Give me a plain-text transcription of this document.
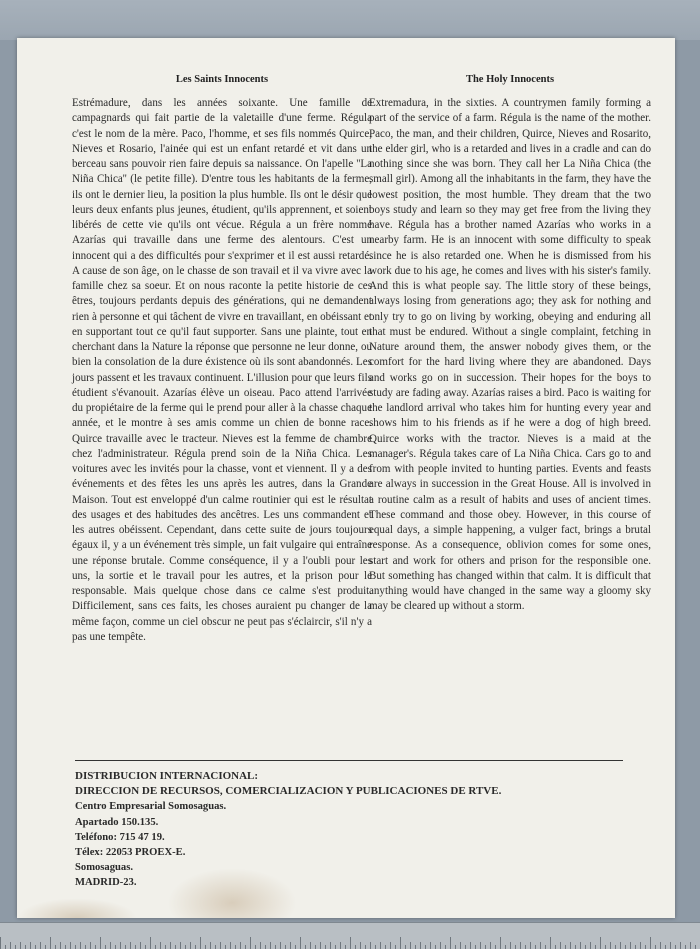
Les Saints Innocents

Estrémadure, dans les années soixante. Une famille de campagnards qui fait partie de la valetaille d'une ferme. Régula c'est le nom de la mère. Paco, l'homme, et ses fils nommés Quirce, Nieves et Rosario, l'ainée qui est un enfant retardé et vit dans un berceau sans pouvoir rien faire depuis sa naissance. On l'apelle ''La Niña Chica'' (le petite fille). D'entre tous les habitants de la ferme, ils ont le dernier lieu, la position la plus humble. Ils ont le désir que leurs deux enfants plus jeunes, étudient, qu'ils apprennent, et soient libérés de cette vie qu'ils ont vécue. Régula a un frère nommé Azarías qui travaille dans une ferme des alentours. C'est un innocent qui a des difficultés pour s'exprimer et il est aussi retardé. A cause de son âge, on le chasse de son travail et il va vivre avec la famille chez sa soeur. Et on nous raconte la petite historie de ces êtres, toujours perdants depuis des générations, qui ne demandent rien à personne et qui tâchent de vivre en travaillant, en obéissant et en supportant tout ce qu'il faut supporter. Sans une plainte, tout en cherchant dans la Nature la réponse que personne ne leur donne, ou bien la consolation de la dure éxistence où ils sont abandonnés. Les jours passent et les travaux continuent. L'illusion pour que leurs fils étudient s'évanouit. Azarías élève un oiseau. Paco attend l'arrivée du propiétaire de la ferme qui le prend pour aller à la chasse chaque année, et le montre à ses amis comme un chien de bonne race. Quirce travaille avec le tracteur. Nieves est la femme de chambre chez l'administrateur. Régula prend soin de la Niña Chica. Les voitures avec les invités pour la chasse, vont et viennent. Il y a des événements et des fêtes les uns après les autres, dans la Grande Maison. Tout est enveloppé d'un calme routinier qui est le résultat des usages et des habitudes des ancêtres. Les uns commandent et les autres obéissent. Cependant, dans cette suite de jours toujours égaux il, y a un événement très simple, un fait vulgaire qui entraîne une réponse brutale. Comme conséquence, il y a l'oubli pour les uns, la sortie et le travail pour les autres, et la prison pour le responsable. Mais quelque chose dans ce calme s'est produit. Difficilement, sans ces faits, les choses auraient pu changer de la même façon, comme un ciel obscur ne peut pas s'éclaircir, s'il n'y a pas une tempête.

The Holy Innocents

Extremadura, in the sixties. A countrymen family forming a part of the service of a farm. Régula is the name of the mother. Paco, the man, and their children, Quirce, Nieves and Rosarito, the elder girl, who is a retarded and lives in a cradle and can do nothing since she was born. They call her La Niña Chica (the small girl). Among all the inhabitants in the farm, they have the lowest position, the most humble. They dream that the two boys study and learn so they may get free from the living they have. Régula has a brother named Azarías who works in a nearby farm. He is an innocent with some difficulty to speak since he is also retarded one. When he is dismissed from his work due to his age, he comes and lives with his sister's family. And this is what people say. The little story of these beings, always losing from generations ago; they ask for nothing and only try to go on living by working, obeying and enduring all that must be endured. Without a single complaint, fetching in Nature around them, the answer nobody gives them, or the comfort for the hard living where they are abandoned. Days and works go on in succession. Their hopes for the boys to study are fading away. Azarías raises a bird. Paco is waiting for the landlord arrival who takes him for hunting every year and shows him to his friends as if he were a dog of high breed. Quirce works with the tractor. Nieves is a maid at the manager's. Régula takes care of La Niña Chica. Cars go to and from with people invited to hunting parties. Events and feasts are always in succession in the Great House. All is involved in a routine calm as a result of habits and uses of ancient times. These command and those obey. However, in this course of equal days, a simple happening, a vulger fact, brings a brutal response. As a consequence, oblivion comes for some ones, start and work for others and prison for the responsible one. But something has changed within that calm. It is difficult that anything would have changed in the same way a gloomy sky may be cleared up without a storm.

DISTRIBUCION INTERNACIONAL:
DIRECCION DE RECURSOS, COMERCIALIZACION Y PUBLICACIONES DE RTVE.
Centro Empresarial Somosaguas.
Apartado 150.135.
Teléfono: 715 47 19.
Télex: 22053 PROEX-E.
Somosaguas.
MADRID-23.
